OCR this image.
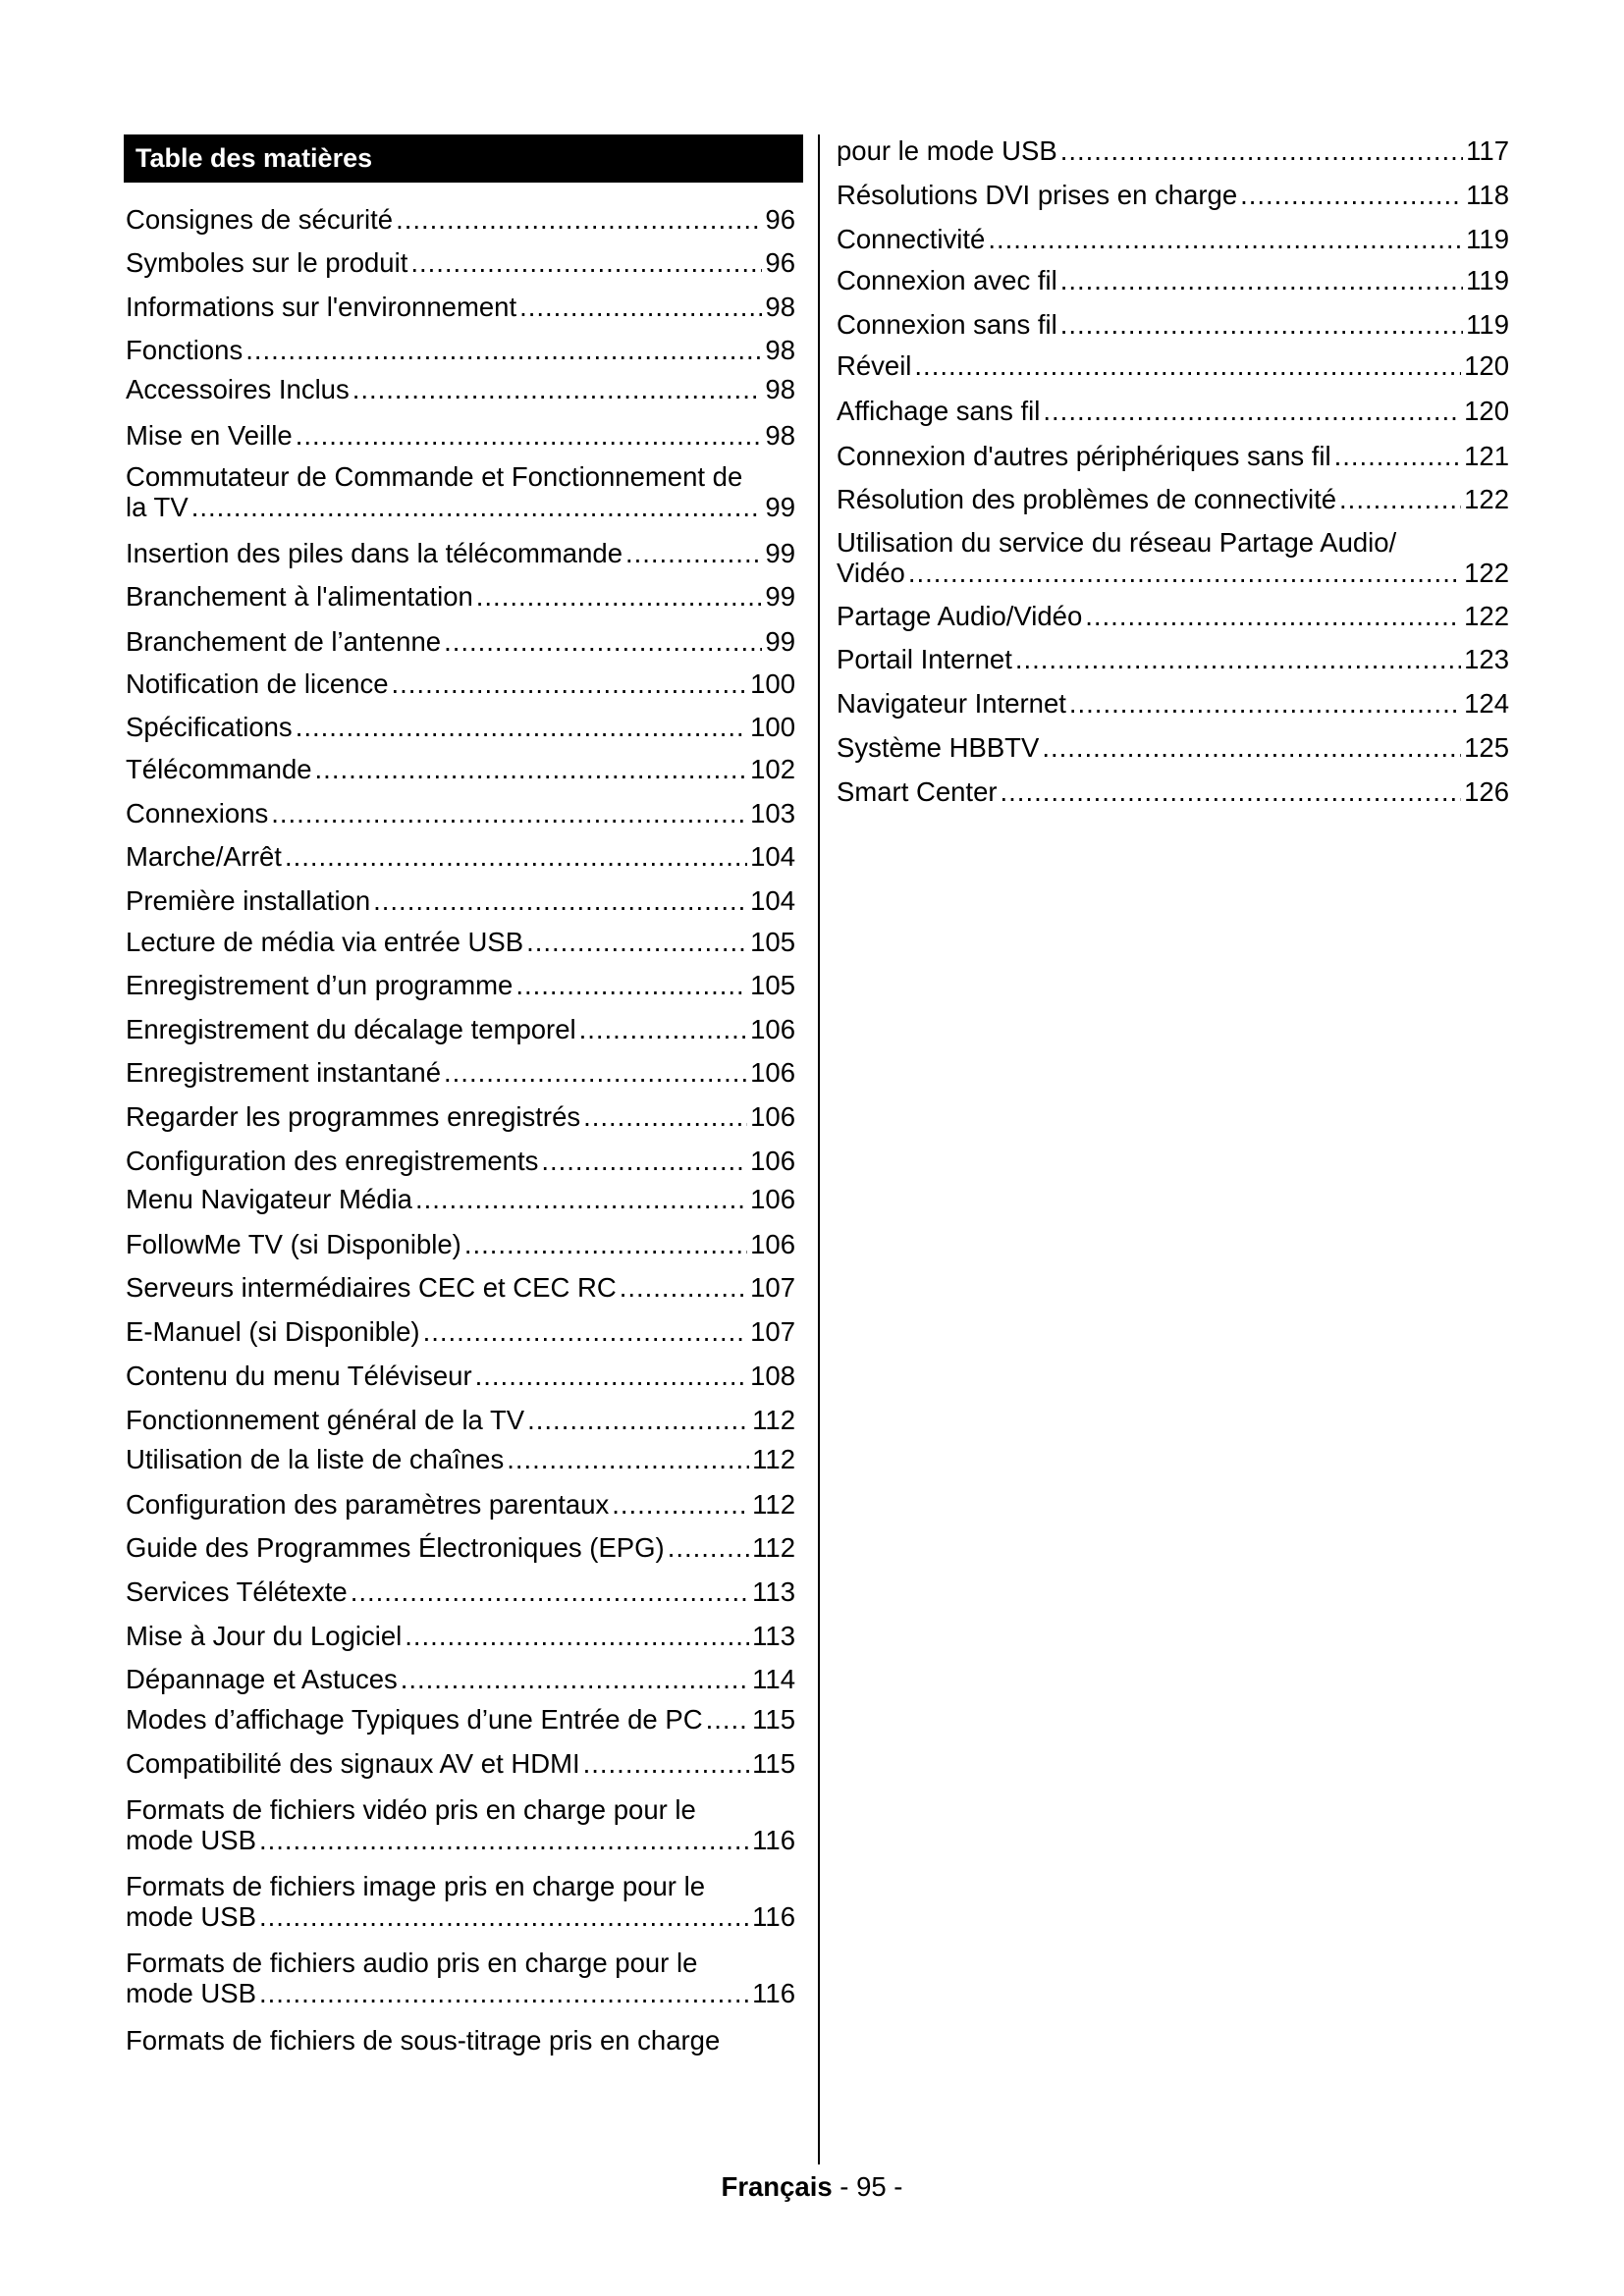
Table des matières
Consignes de sécurité .....	96
Symboles sur le produit .....	96
Informations sur l'environnement .....	98
Fonctions .....	98
Accessoires Inclus .....	98
Mise en Veille .....	98
Commutateur de Commande et Fonctionnement de
la TV .....	99
Insertion des piles dans la télécommande .....	99
Branchement à l'alimentation .....	99
Branchement de l’antenne .....	99
Notification de licence .....	100
Spécifications .....	100
Télécommande .....	102
Connexions .....	103
Marche/Arrêt .....	104
Première installation .....	104
Lecture de média via entrée USB .....	105
Enregistrement d’un programme .....	105
Enregistrement du décalage temporel .....	106
Enregistrement instantané .....	106
Regarder les programmes enregistrés .....	106
Configuration des enregistrements .....	106
Menu Navigateur Média .....	106
FollowMe TV (si Disponible) .....	106
Serveurs intermédiaires CEC et CEC RC .....	107
E-Manuel (si Disponible) .....	107
Contenu du menu Téléviseur .....	108
Fonctionnement général de la TV .....	112
Utilisation de la liste de chaînes .....	112
Configuration des paramètres parentaux .....	112
Guide des Programmes Électroniques (EPG) .....	112
Services Télétexte .....	113
Mise à Jour du Logiciel .....	113
Dépannage et Astuces .....	114
Modes d’affichage Typiques d’une Entrée de PC ..... 115
Compatibilité des signaux AV et HDMI .....	115
Formats de fichiers vidéo pris en charge pour le
mode USB .....	116
Formats de fichiers image pris en charge pour le
mode USB .....	116
Formats de fichiers audio pris en charge pour le
mode USB .....	116
Formats de fichiers de sous-titrage pris en charge
pour le mode USB .....	117
Résolutions DVI prises en charge .....	118
Connectivité .....	119
Connexion avec fil .....	119
Connexion sans fil .....	119
Réveil .....	120
Affichage sans fil .....	120
Connexion d'autres périphériques sans fil .....	121
Résolution des problèmes de connectivité .....	122
Utilisation du service du réseau Partage Audio/
Vidéo .....	122
Partage Audio/Vidéo .....	122
Portail Internet .....	123
Navigateur Internet .....	124
Système HBBTV .....	125
Smart Center .....	126
Français - 95 -
